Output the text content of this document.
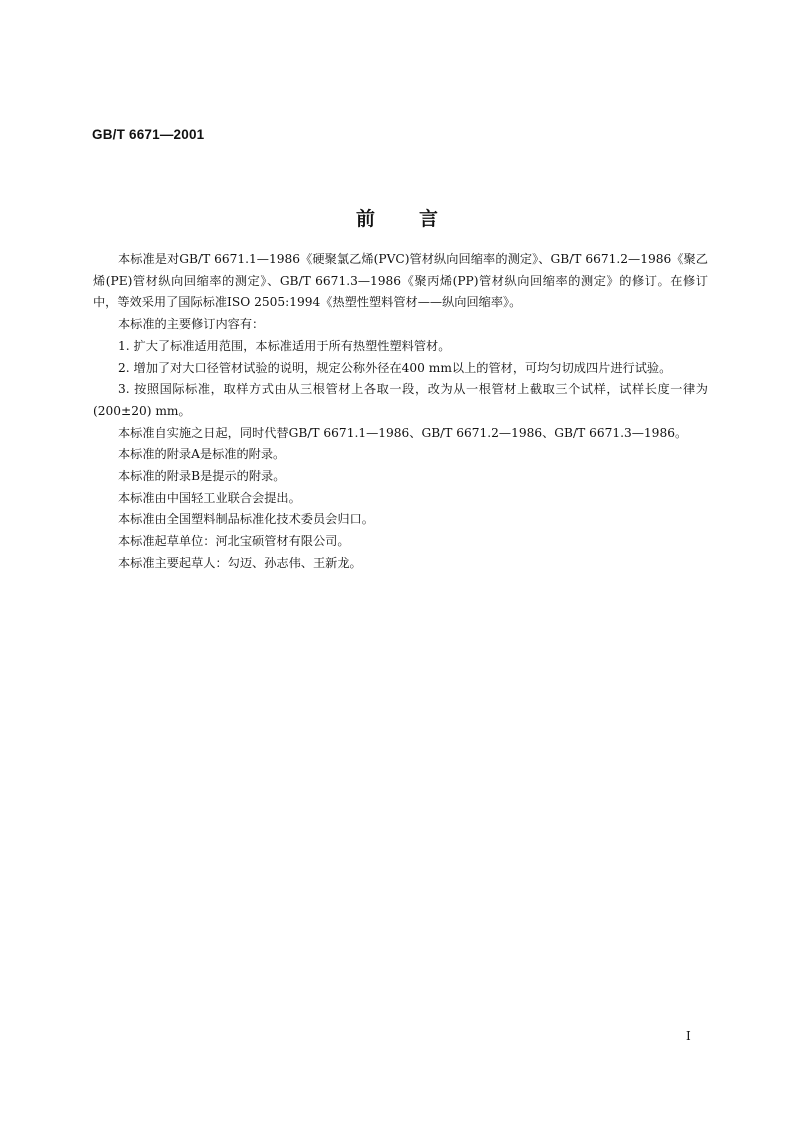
GB/T 6671—2001

前 言

本标准是对GB/T 6671.1—1986《硬聚氯乙烯(PVC)管材纵向回缩率的测定》、GB/T 6671.2—1986《聚乙烯(PE)管材纵向回缩率的测定》、GB/T 6671.3—1986《聚丙烯(PP)管材纵向回缩率的测定》的修订。在修订中，等效采用了国际标准ISO 2505:1994《热塑性塑料管材——纵向回缩率》。

本标准的主要修订内容有：

1. 扩大了标准适用范围，本标准适用于所有热塑性塑料管材。

2. 增加了对大口径管材试验的说明，规定公称外径在400 mm以上的管材，可均匀切成四片进行试验。

3. 按照国际标准，取样方式由从三根管材上各取一段，改为从一根管材上截取三个试样，试样长度一律为(200±20) mm。

本标准自实施之日起，同时代替GB/T 6671.1—1986、GB/T 6671.2—1986、GB/T 6671.3—1986。

本标准的附录A是标准的附录。

本标准的附录B是提示的附录。

本标准由中国轻工业联合会提出。

本标准由全国塑料制品标准化技术委员会归口。

本标准起草单位：河北宝硕管材有限公司。

本标准主要起草人：勾迈、孙志伟、王新龙。

I
